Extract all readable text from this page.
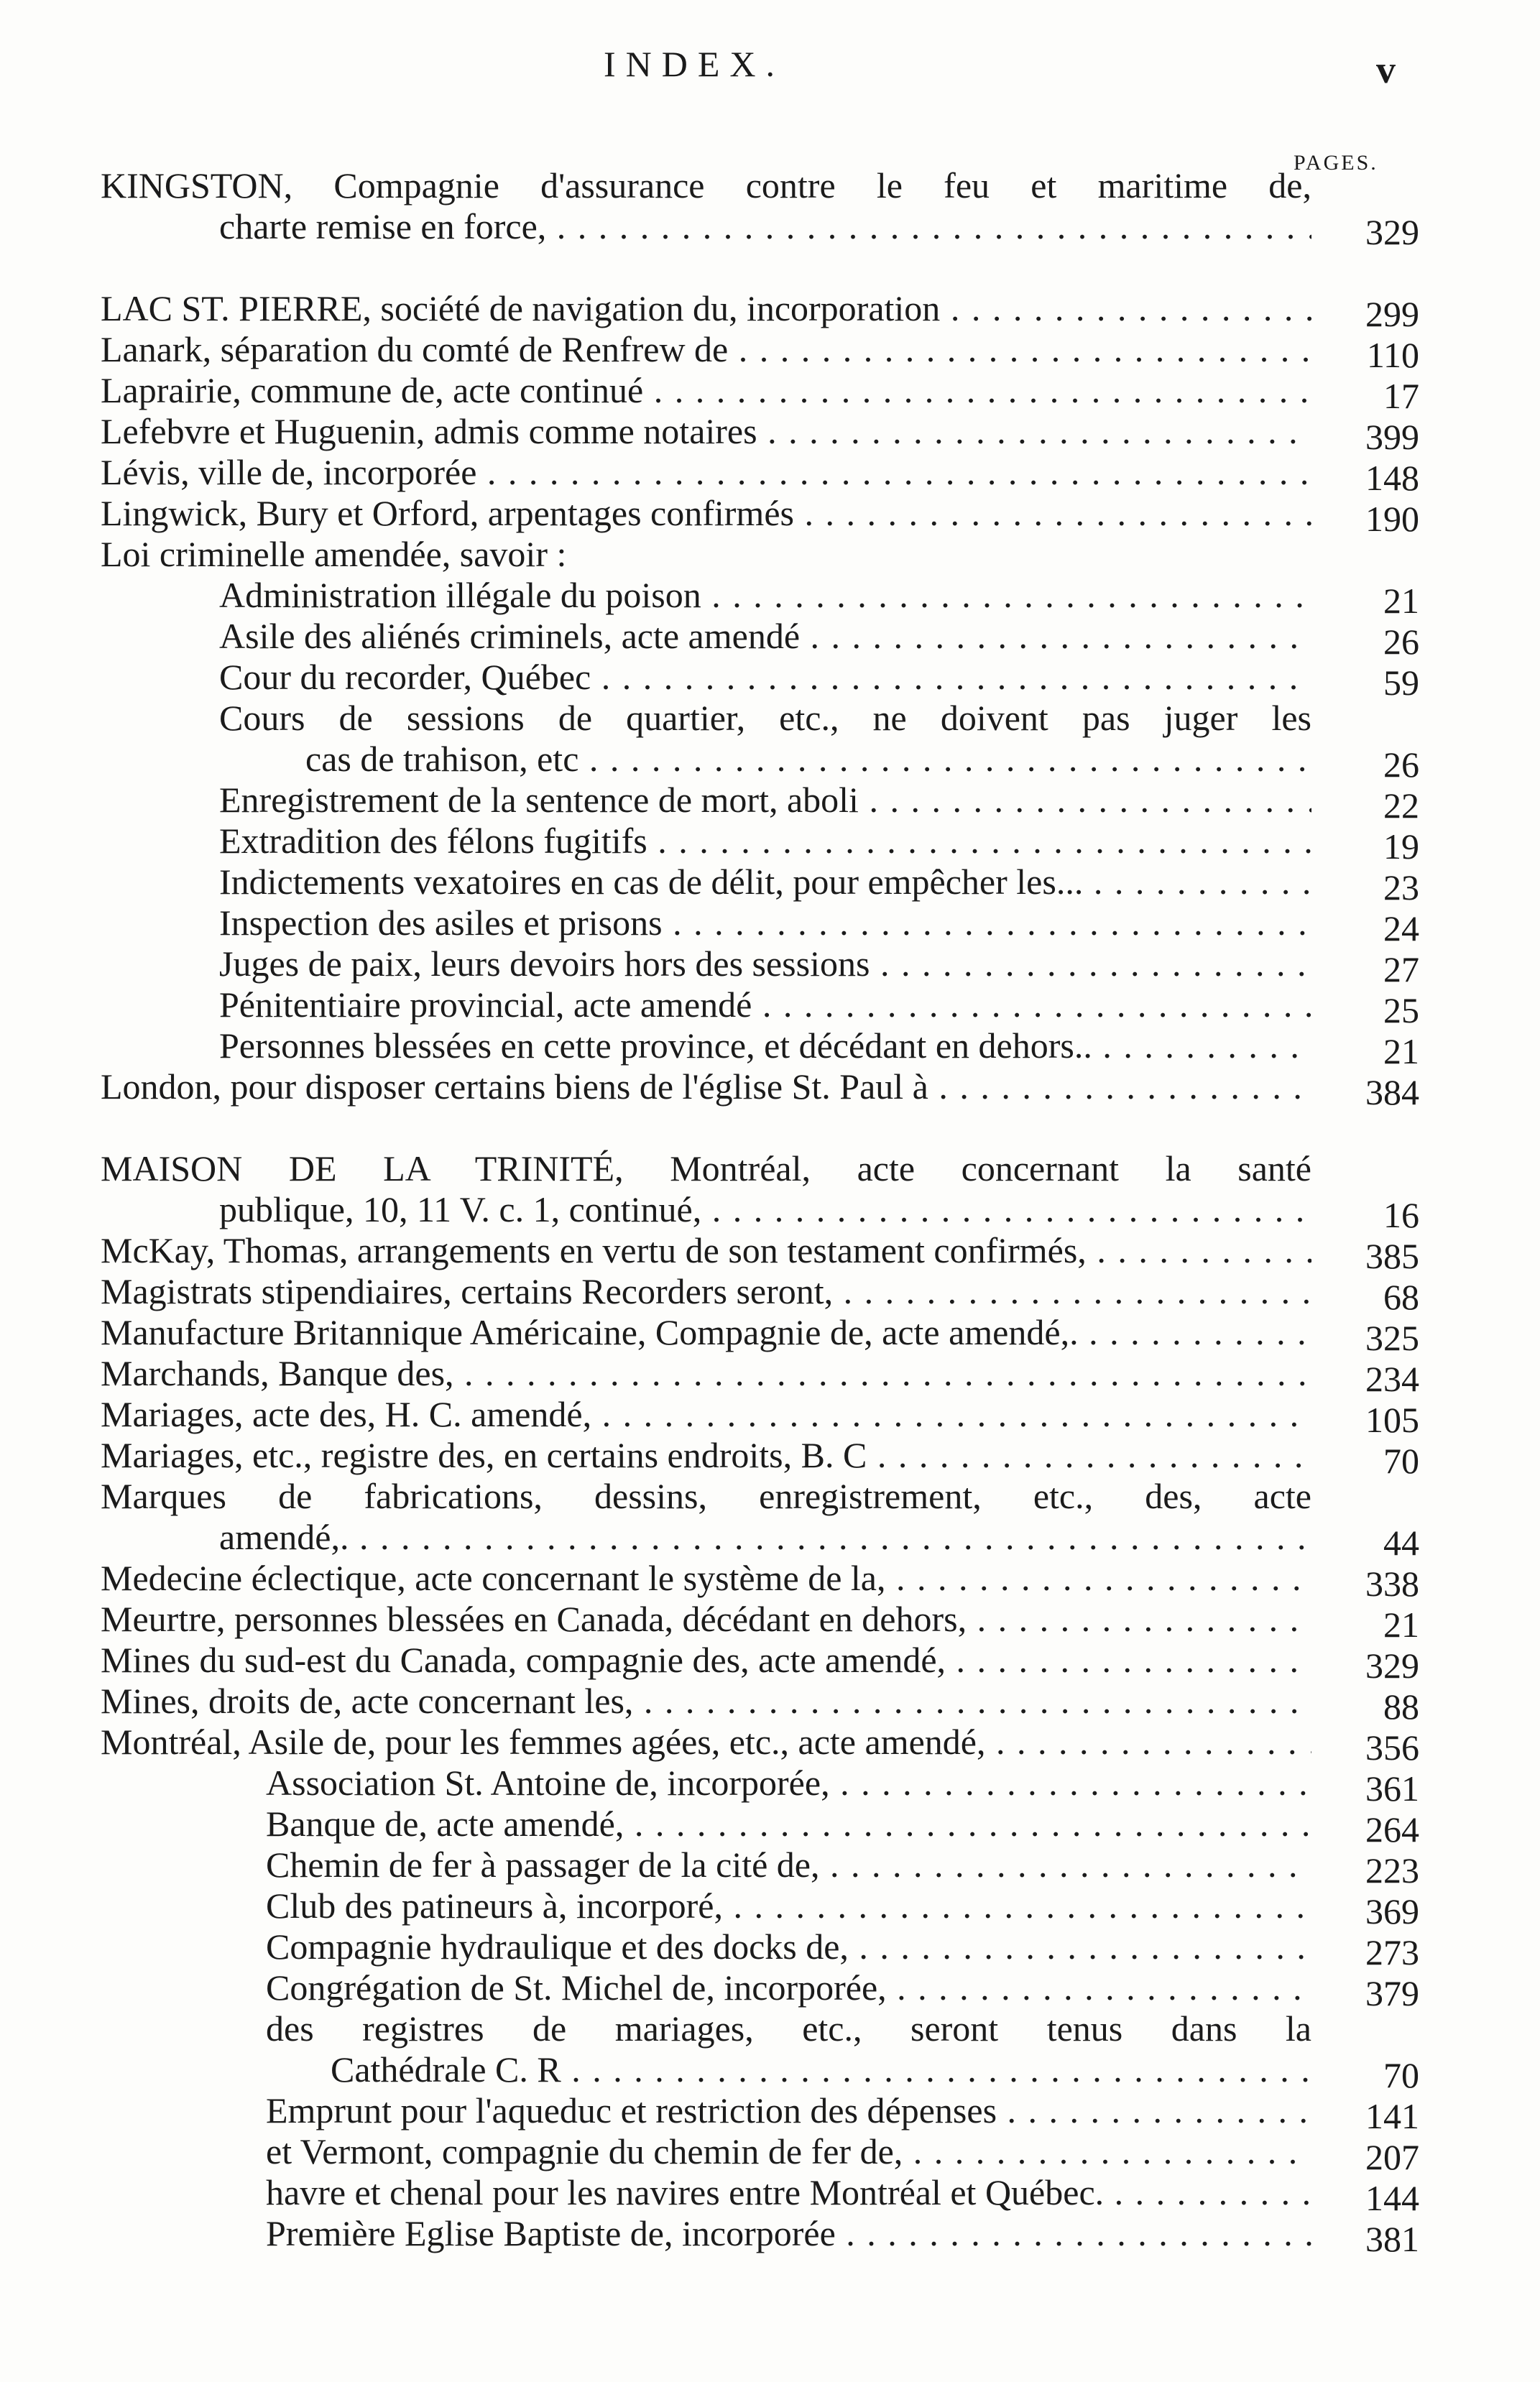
INDEX.	v
PAGES.
KINGSTON, Compagnie d'assurance contre le feu et maritime de,
charte remise en force, . . .	329
LAC ST. PIERRE, société de navigation du, incorporation . . .	299
Lanark, séparation du comté de Renfrew de . . .	110
Laprairie, commune de, acte continué . . .	17
Lefebvre et Huguenin, admis comme notaires . . .	399
Lévis, ville de, incorporée . . .	148
Lingwick, Bury et Orford, arpentages confirmés . . .	190
Loi criminelle amendée, savoir :
Administration illégale du poison . . .	21
Asile des aliénés criminels, acte amendé . . .	26
Cour du recorder, Québec . . .	59
Cours de sessions de quartier, etc., ne doivent pas juger les
cas de trahison, etc . . .	26
Enregistrement de la sentence de mort, aboli . . .	22
Extradition des félons fugitifs . . .	19
Indictements vexatoires en cas de délit, pour empêcher les... . . .	23
Inspection des asiles et prisons . . .	24
Juges de paix, leurs devoirs hors des sessions . . .	27
Pénitentiaire provincial, acte amendé . . .	25
Personnes blessées en cette province, et décédant en dehors.. . . .	21
London, pour disposer certains biens de l'église St. Paul à . . .	384
MAISON DE LA TRINITÉ, Montréal, acte concernant la santé
publique, 10, 11 V. c. 1, continué, . . .	16
McKay, Thomas, arrangements en vertu de son testament confirmés, . . .	385
Magistrats stipendiaires, certains Recorders seront, . . .	68
Manufacture Britannique Américaine, Compagnie de, acte amendé,. . . .	325
Marchands, Banque des, . . .	234
Mariages, acte des, H. C. amendé, . . .	105
Mariages, etc., registre des, en certains endroits, B. C . . .	70
Marques de fabrications, dessins, enregistrement, etc., des, acte
amendé,. . . .	44
Medecine éclectique, acte concernant le système de la, . . .	338
Meurtre, personnes blessées en Canada, décédant en dehors, . . .	21
Mines du sud-est du Canada, compagnie des, acte amendé, . . .	329
Mines, droits de, acte concernant les, . . .	88
Montréal, Asile de, pour les femmes agées, etc., acte amendé, . . .	356
Association St. Antoine de, incorporée, . . .	361
Banque de, acte amendé, . . .	264
Chemin de fer à passager de la cité de, . . .	223
Club des patineurs à, incorporé, . . .	369
Compagnie hydraulique et des docks de, . . .	273
Congrégation de St. Michel de, incorporée, . . .	379
des registres de mariages, etc., seront tenus dans la
Cathédrale C. R . . .	70
Emprunt pour l'aqueduc et restriction des dépenses . . .	141
et Vermont, compagnie du chemin de fer de, . . .	207
havre et chenal pour les navires entre Montréal et Québec. . . .	144
Première Eglise Baptiste de, incorporée . . .	381
